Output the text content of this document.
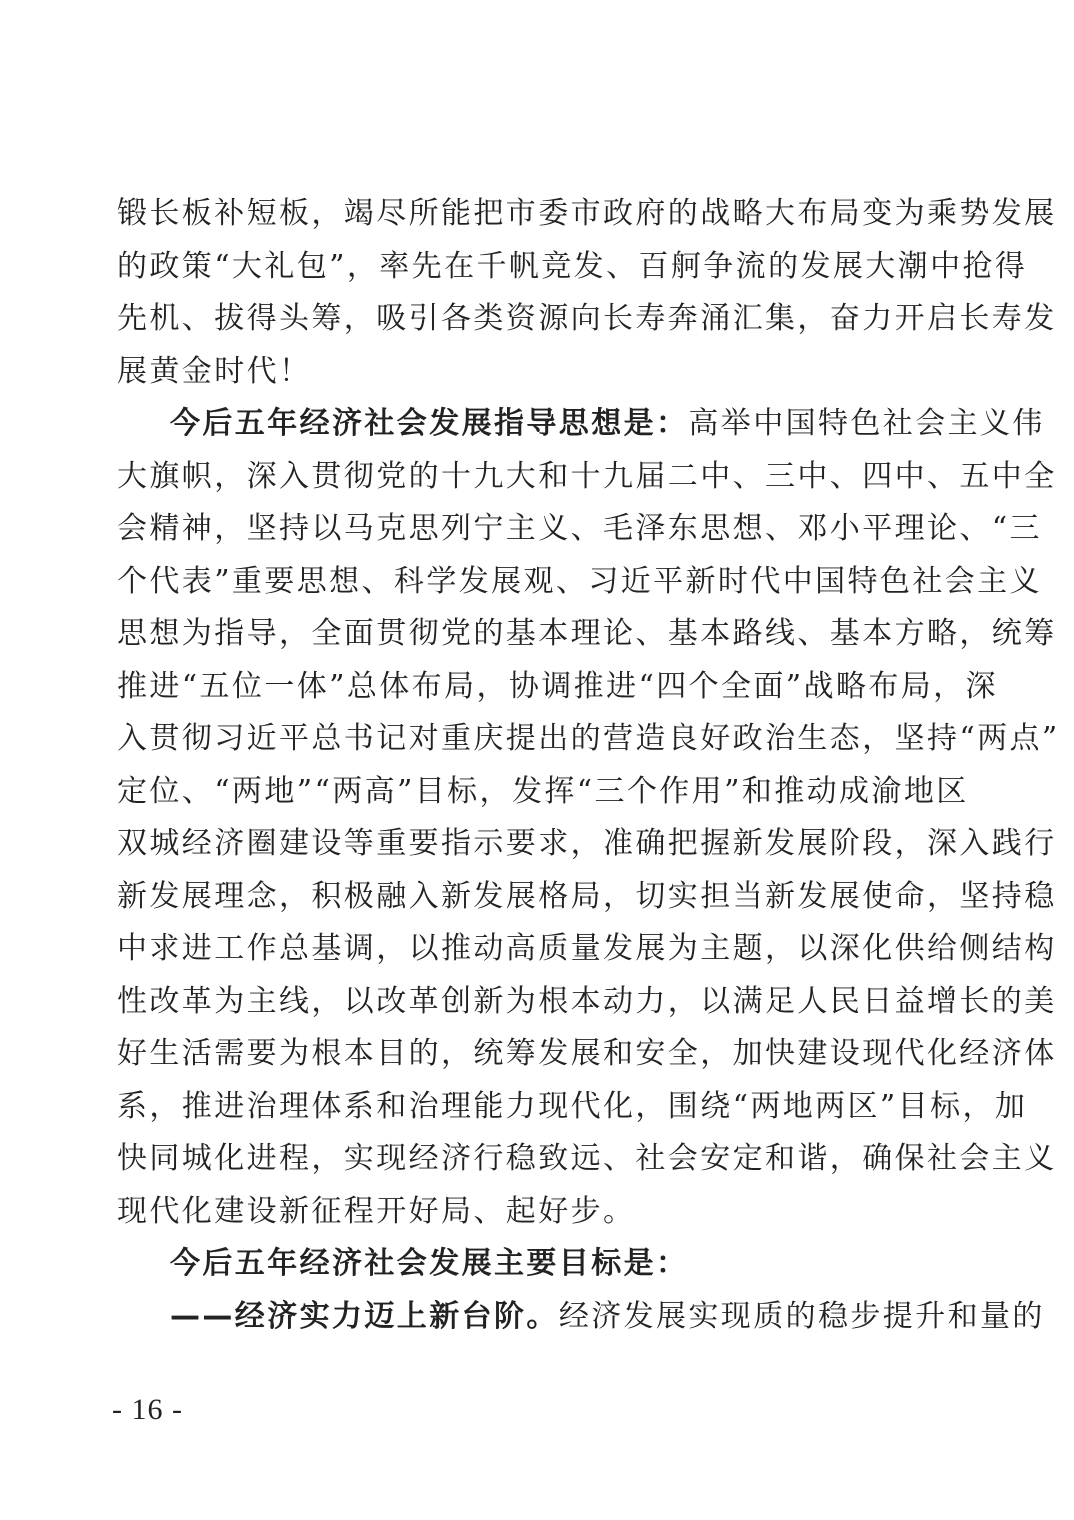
锻长板补短板，竭尽所能把市委市政府的战略大布局变为乘势发展
的政策“大礼包”，率先在千帆竞发、百舸争流的发展大潮中抢得
先机、拔得头筹，吸引各类资源向长寿奔涌汇集，奋力开启长寿发
展黄金时代！
今后五年经济社会发展指导思想是：高举中国特色社会主义伟
大旗帜，深入贯彻党的十九大和十九届二中、三中、四中、五中全
会精神，坚持以马克思列宁主义、毛泽东思想、邓小平理论、“三
个代表”重要思想、科学发展观、习近平新时代中国特色社会主义
思想为指导，全面贯彻党的基本理论、基本路线、基本方略，统筹
推进“五位一体”总体布局，协调推进“四个全面”战略布局，深
入贯彻习近平总书记对重庆提出的营造良好政治生态，坚持“两点”
定位、“两地”“两高”目标，发挥“三个作用”和推动成渝地区
双城经济圈建设等重要指示要求，准确把握新发展阶段，深入践行
新发展理念，积极融入新发展格局，切实担当新发展使命，坚持稳
中求进工作总基调，以推动高质量发展为主题，以深化供给侧结构
性改革为主线，以改革创新为根本动力，以满足人民日益增长的美
好生活需要为根本目的，统筹发展和安全，加快建设现代化经济体
系，推进治理体系和治理能力现代化，围绕“两地两区”目标，加
快同城化进程，实现经济行稳致远、社会安定和谐，确保社会主义
现代化建设新征程开好局、起好步。
今后五年经济社会发展主要目标是：
——经济实力迈上新台阶。经济发展实现质的稳步提升和量的
- 16 -
